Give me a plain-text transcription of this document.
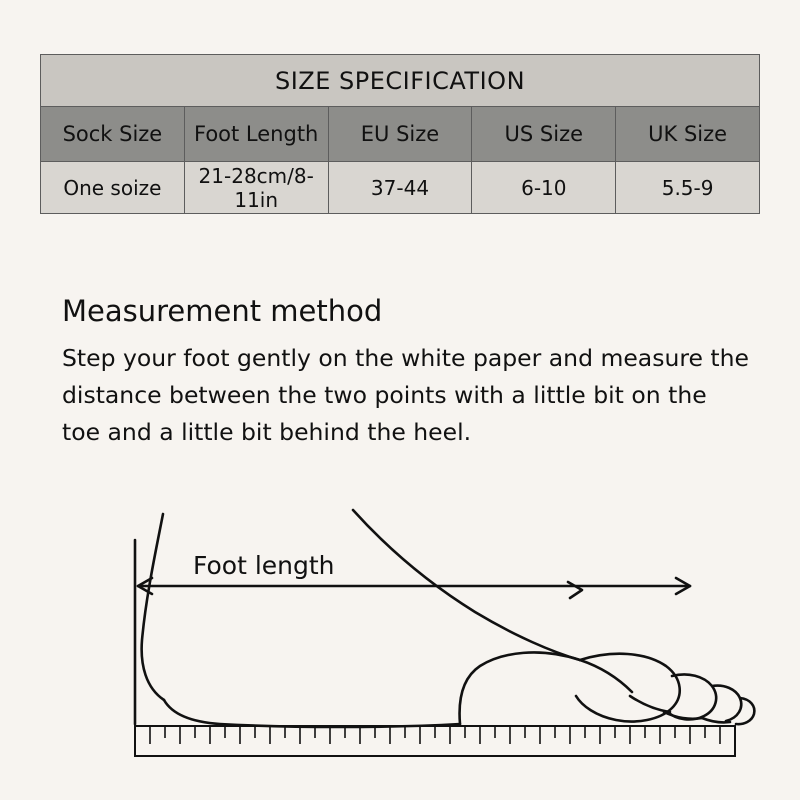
SIZE SPECIFICATION				
Sock Size	Foot Length	EU Size	US Size	UK Size
One soize	21-28cm/8-11in	37-44	6-10	5.5-9
Measurement method
Step your foot gently on the white paper and measure the distance between the two points with a little bit on the toe and a little bit behind the heel.
Foot length
